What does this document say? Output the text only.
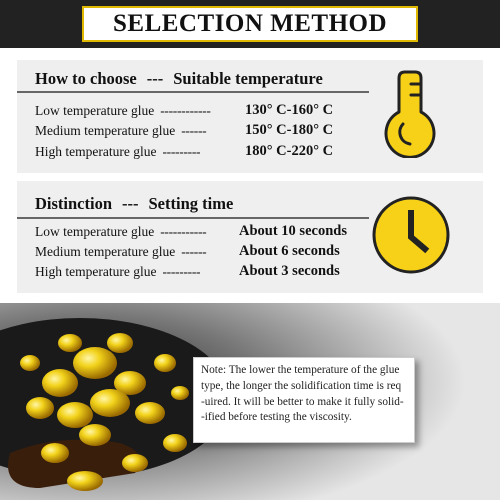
SELECTION METHOD
How to choose --- Suitable temperature
Low temperature glue ------------ 130° C-160° C
Medium temperature glue ------	150° C-180° C
High temperature glue ---------	180° C-220° C
Distinction --- Setting time
Low temperature glue ----------- About 10 seconds
Medium temperature glue ------ About 6 seconds
High temperature glue ---------	About 3 seconds
Note: The lower the temperature of the glue
type, the longer the solidification time is req
-uired. It will be better to make it fully solid-
-ified before testing the viscosity.
